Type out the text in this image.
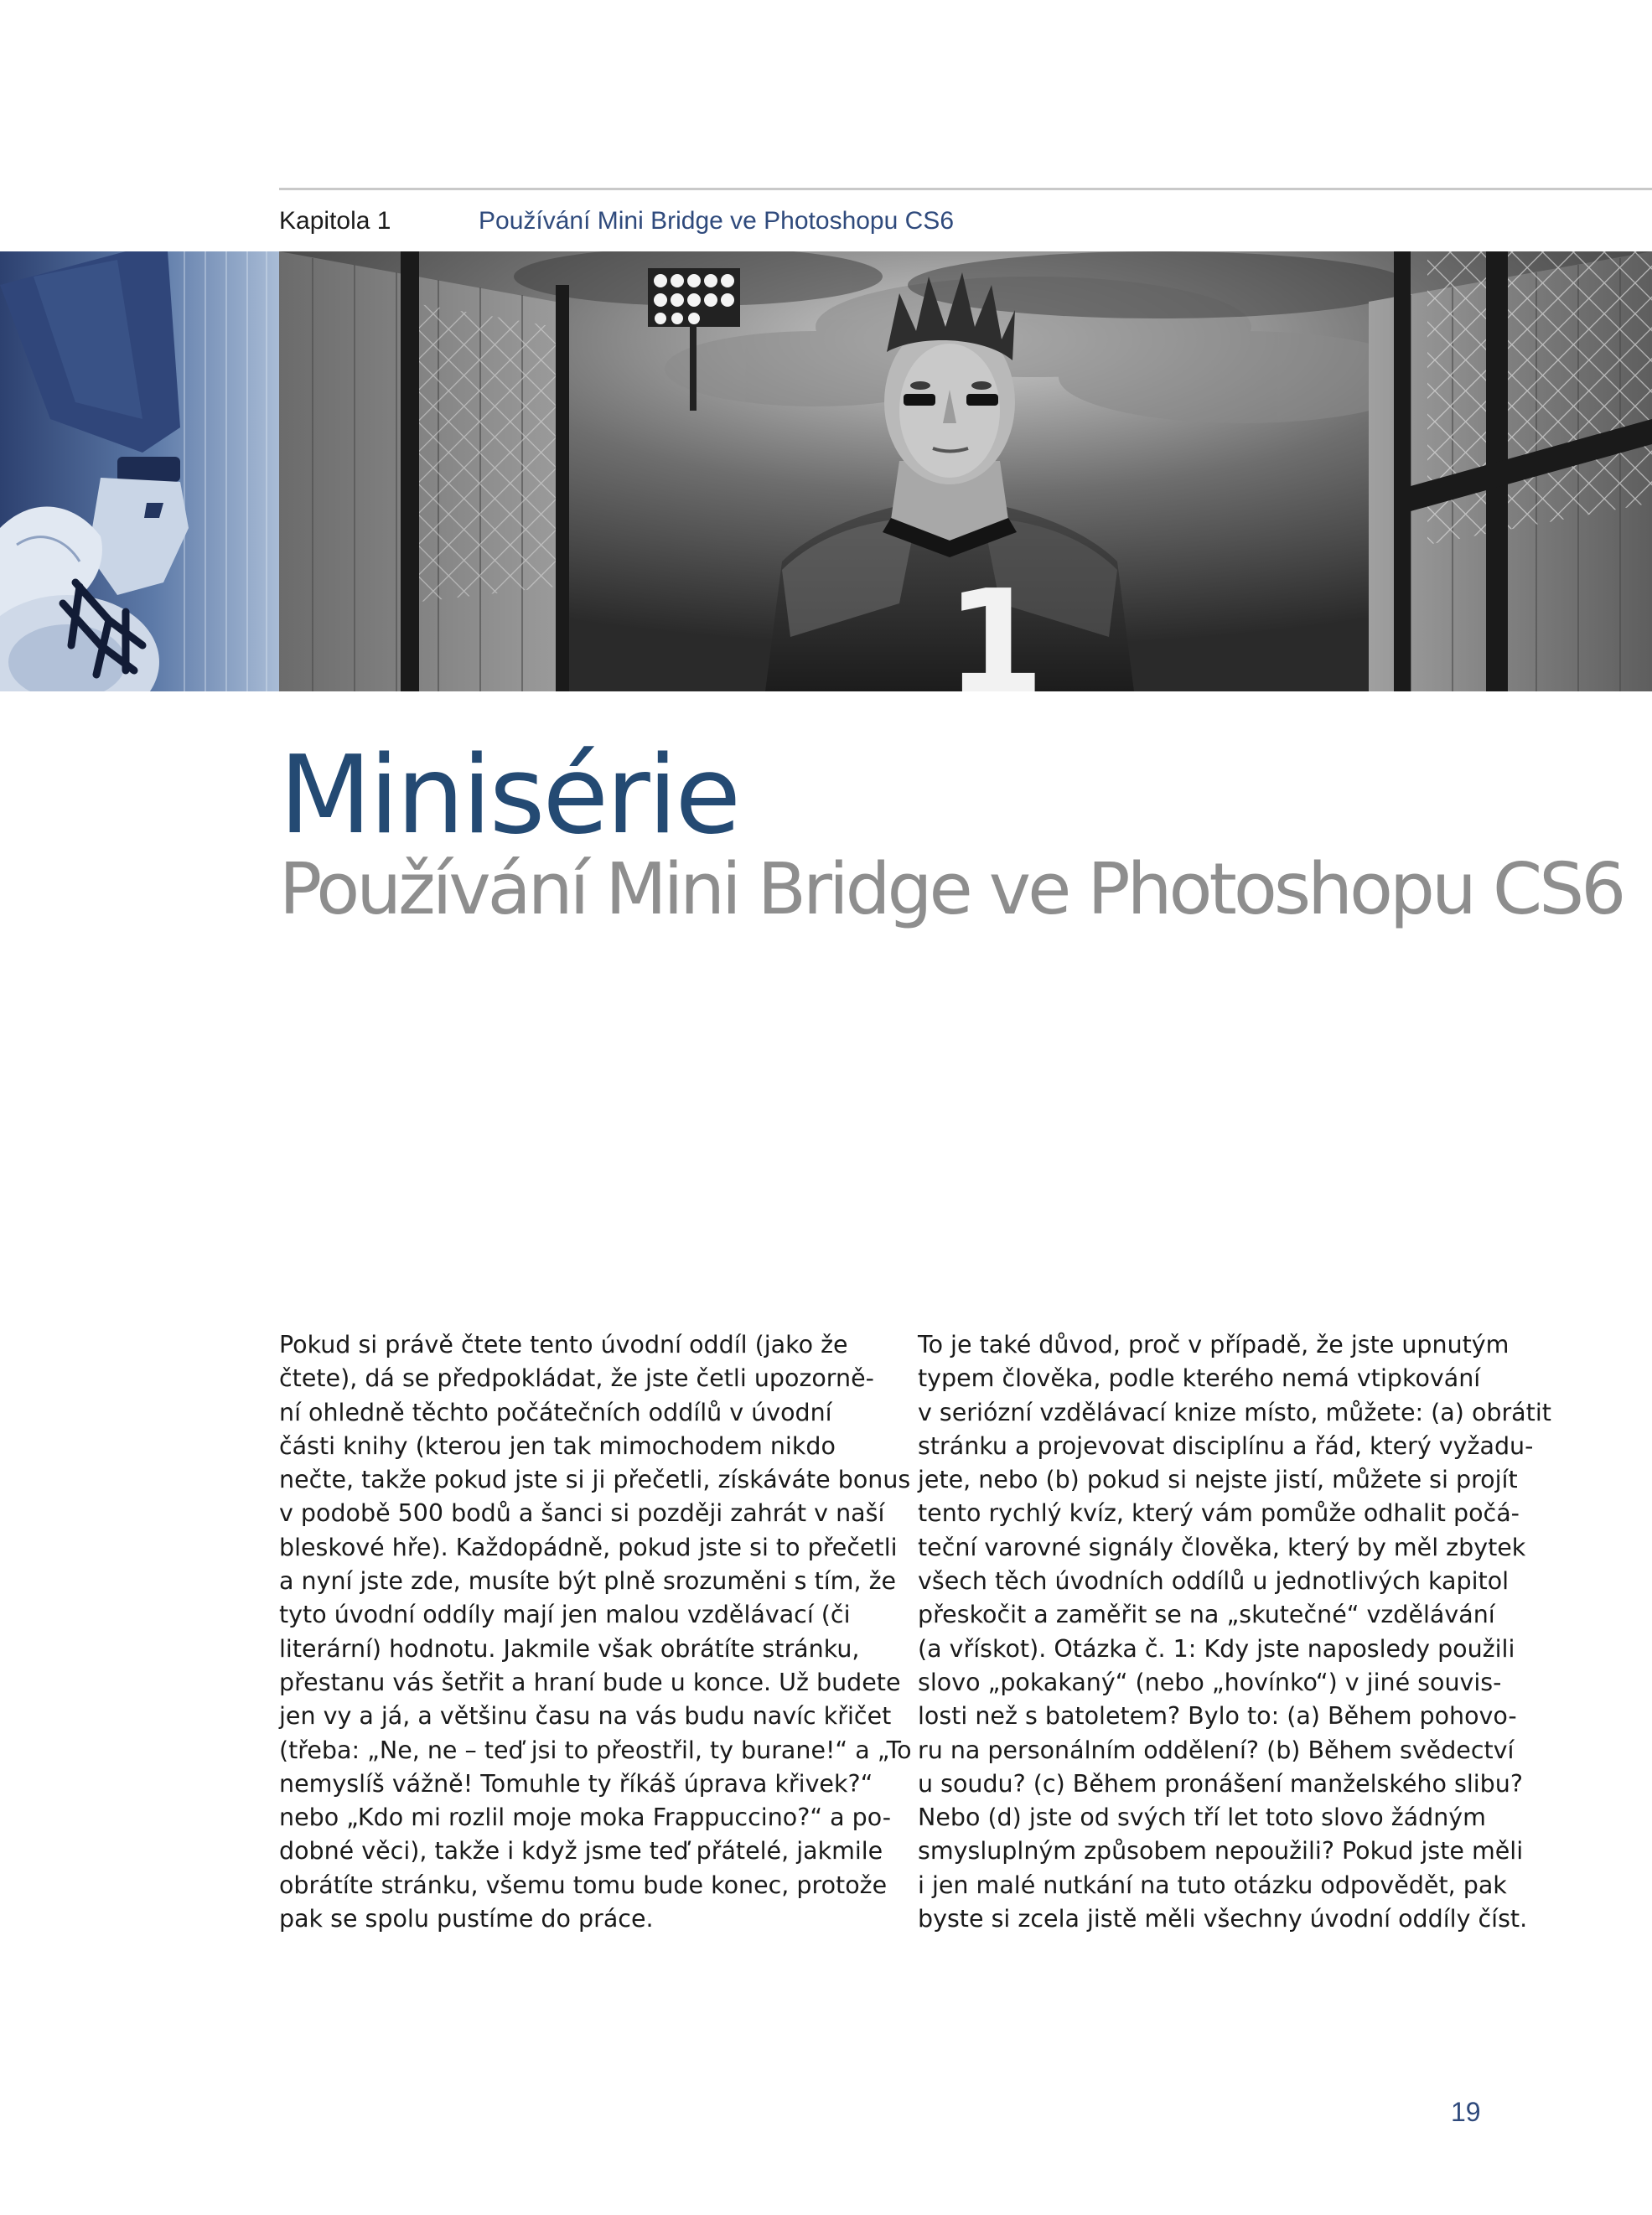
Kapitola 1	Používání Mini Bridge ve Photoshopu CS6
1
Minisérie
Používání Mini Bridge ve Photoshopu CS6
Pokud si právě čtete tento úvodní oddíl (jako že
čtete), dá se předpokládat, že jste četli upozorně-
ní ohledně těchto počátečních oddílů v úvodní
části knihy (kterou jen tak mimochodem nikdo
nečte, takže pokud jste si ji přečetli, získáváte bonus
v podobě 500 bodů a šanci si později zahrát v naší
bleskové hře). Každopádně, pokud jste si to přečetli
a nyní jste zde, musíte být plně srozuměni s tím, že
tyto úvodní oddíly mají jen malou vzdělávací (či
literární) hodnotu. Jakmile však obrátíte stránku,
přestanu vás šetřit a hraní bude u konce. Už budete
jen vy a já, a většinu času na vás budu navíc křičet
(třeba: „Ne, ne – teď jsi to přeostřil, ty burane!“ a „To
nemyslíš vážně! Tomuhle ty říkáš úprava křivek?“
nebo „Kdo mi rozlil moje moka Frappuccino?“ a po-
dobné věci), takže i když jsme teď přátelé, jakmile
obrátíte stránku, všemu tomu bude konec, protože
pak se spolu pustíme do práce.
To je také důvod, proč v případě, že jste upnutým
typem člověka, podle kterého nemá vtipkování
v seriózní vzdělávací knize místo, můžete: (a) obrátit
stránku a projevovat disciplínu a řád, který vyžadu-
jete, nebo (b) pokud si nejste jistí, můžete si projít
tento rychlý kvíz, který vám pomůže odhalit počá-
teční varovné signály člověka, který by měl zbytek
všech těch úvodních oddílů u jednotlivých kapitol
přeskočit a zaměřit se na „skutečné“ vzdělávání
(a vřískot). Otázka č. 1: Kdy jste naposledy použili
slovo „pokakaný“ (nebo „hovínko“) v jiné souvis-
losti než s batoletem? Bylo to: (a) Během pohovo-
ru na personálním oddělení? (b) Během svědectví
u soudu? (c) Během pronášení manželského slibu?
Nebo (d) jste od svých tří let toto slovo žádným
smysluplným způsobem nepoužili? Pokud jste měli
i jen malé nutkání na tuto otázku odpovědět, pak
byste si zcela jistě měli všechny úvodní oddíly číst.
19
